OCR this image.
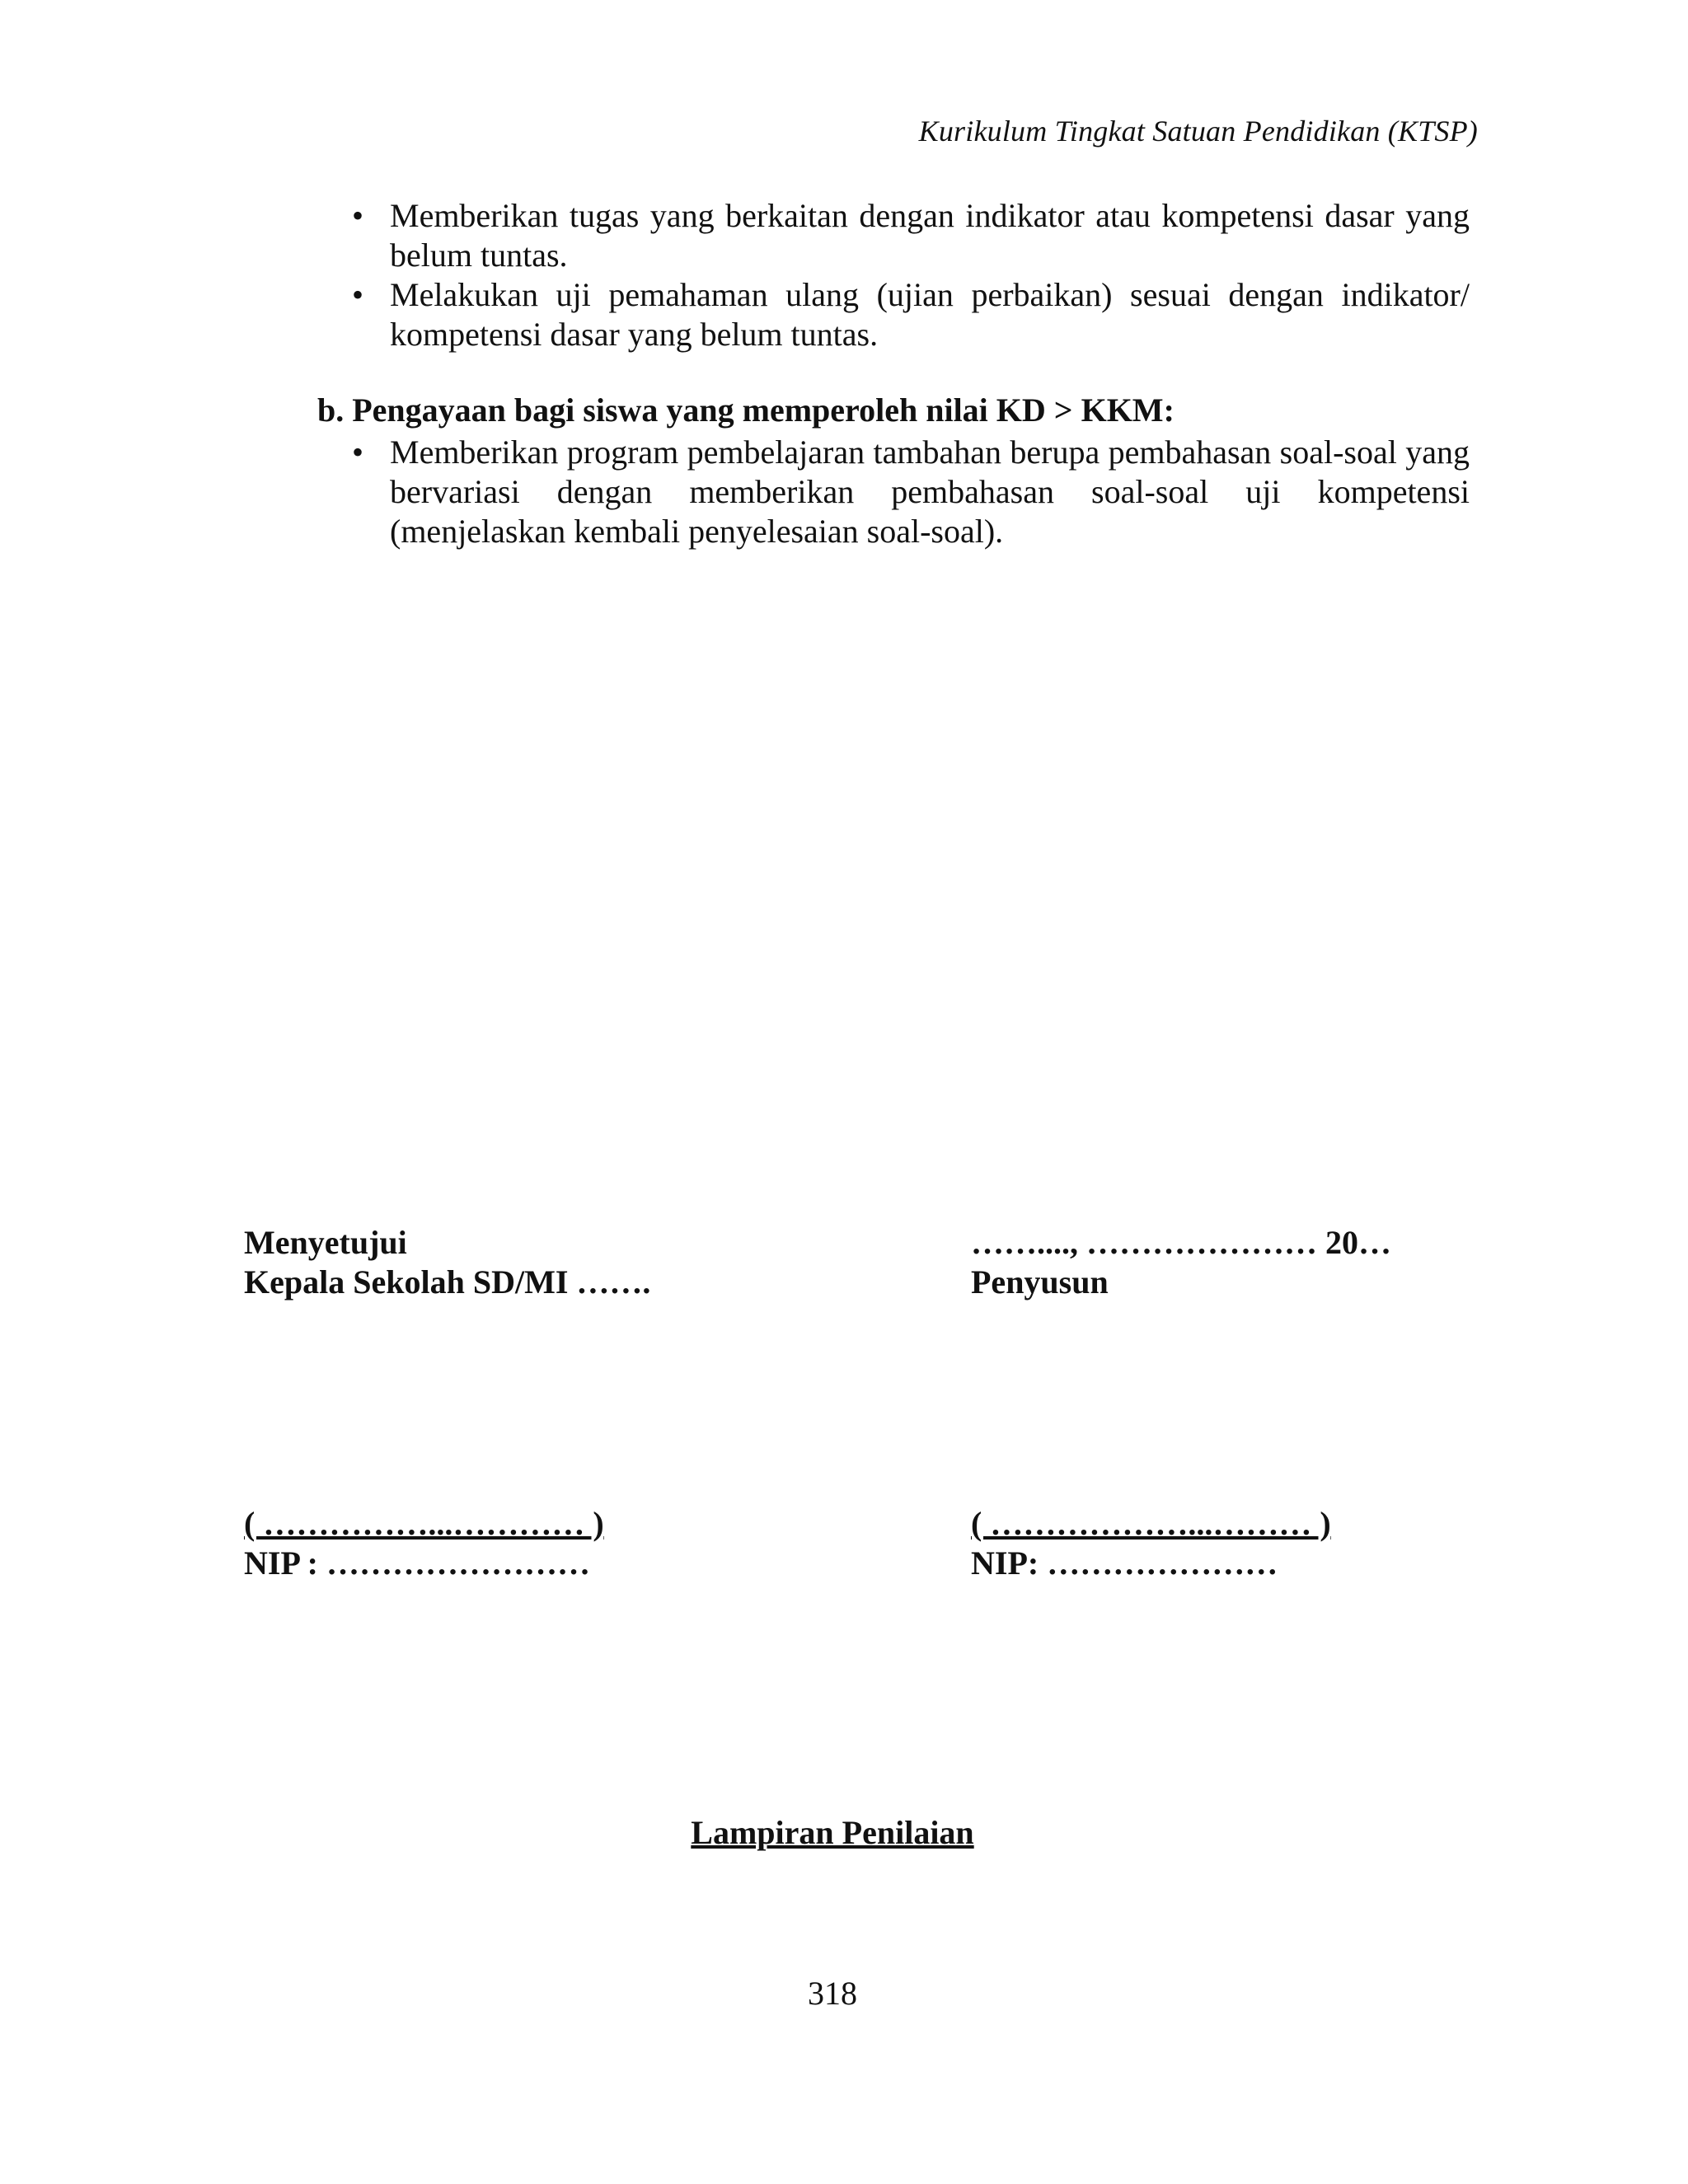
Kurikulum Tingkat Satuan Pendidikan (KTSP)
• Memberikan tugas yang berkaitan dengan indikator atau kompetensi dasar yang belum tuntas.
• Melakukan uji pemahaman ulang (ujian perbaikan) sesuai dengan indikator/ kompetensi dasar yang belum tuntas.
b. Pengayaan bagi siswa yang memperoleh nilai KD > KKM:
• Memberikan program pembelajaran tambahan berupa pembahasan soal-soal yang bervariasi dengan memberikan pembahasan soal-soal uji kompetensi (menjelaskan kembali penyelesaian soal-soal).
Menyetujui
Kepala Sekolah SD/MI …….
……...., ………………… 20…
Penyusun
( ……………...………… )
NIP : ……………………
( ………………...……… )
NIP: …………………
Lampiran Penilaian
318
